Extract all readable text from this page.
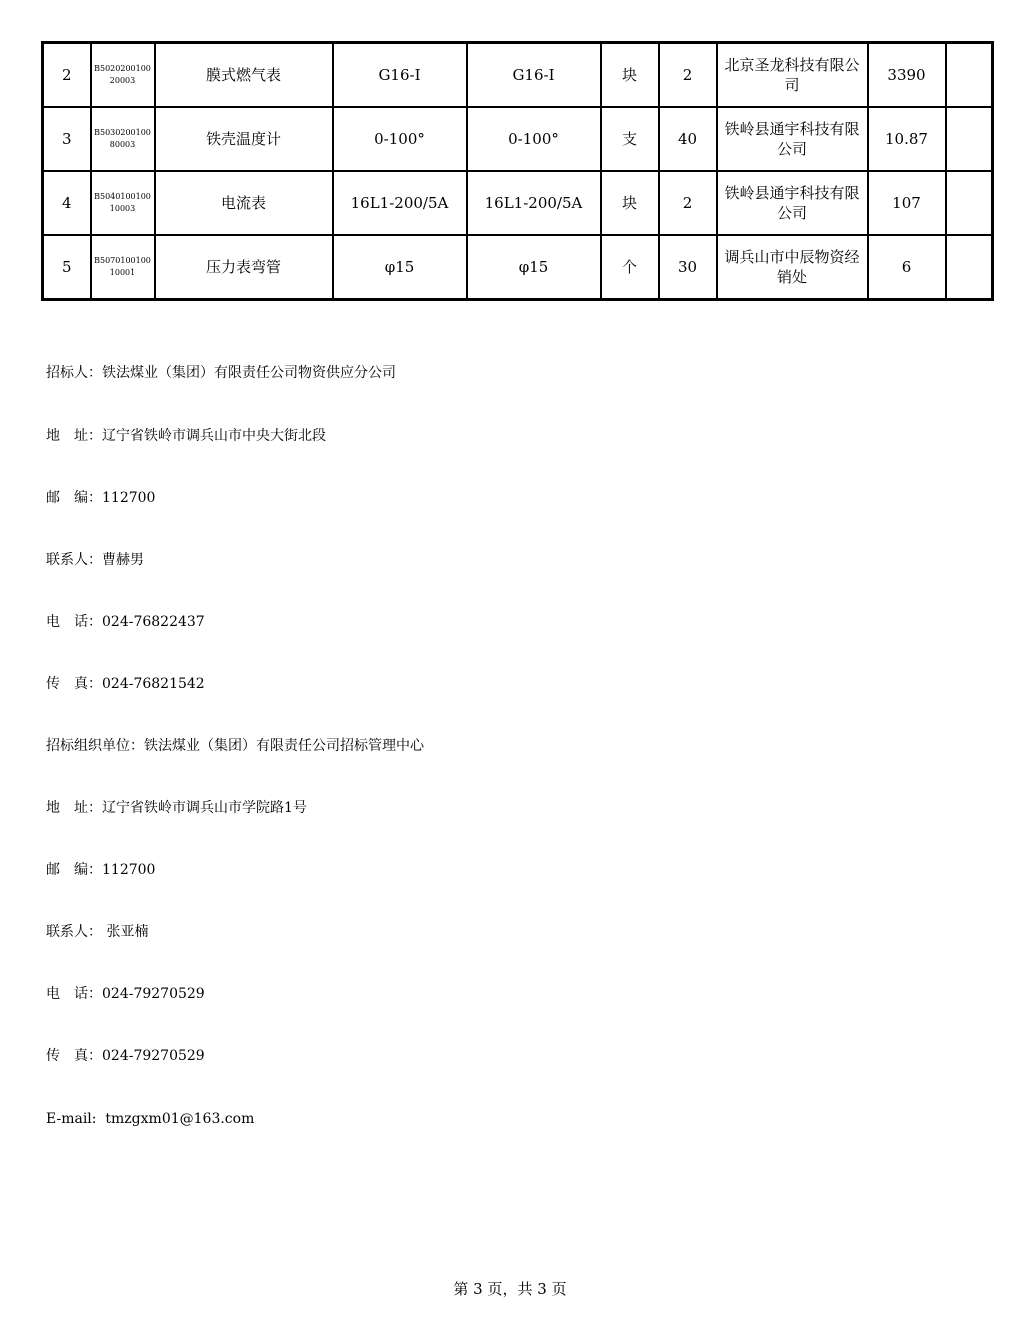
2	B502020010020003	膜式燃气表	G16-I	G16-I	块	2	北京圣龙科技有限公司	3390	
3	B503020010080003	铁壳温度计	0-100°	0-100°	支	40	铁岭县通宇科技有限公司	10.87	
4	B504010010010003	电流表	16L1-200/5A	16L1-200/5A	块	2	铁岭县通宇科技有限公司	107	
5	B507010010010001	压力表弯管	φ15	φ15	个	30	调兵山市中辰物资经销处	6	

招标人：铁法煤业（集团）有限责任公司物资供应分公司

地　址：辽宁省铁岭市调兵山市中央大街北段

邮　编：112700

联系人：曹赫男

电　话：024-76822437

传　真：024-76821542

招标组织单位：铁法煤业（集团）有限责任公司招标管理中心

地　址：辽宁省铁岭市调兵山市学院路1号

邮　编：112700

联系人： 张亚楠

电　话：024-79270529

传　真：024-79270529

E-mail:  tmzgxm01@163.com

第 3 页，共 3 页
